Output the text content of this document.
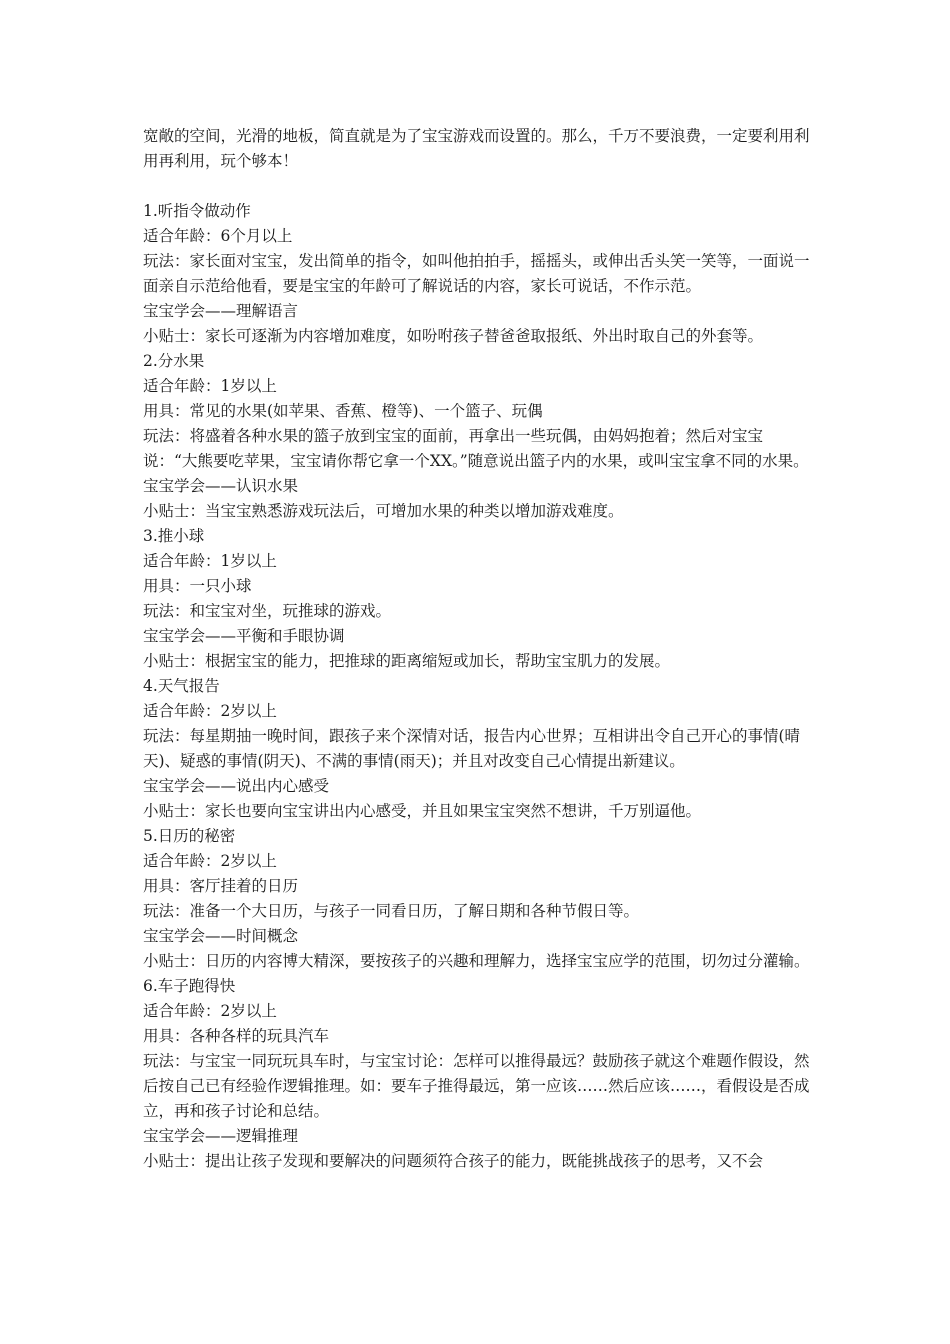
宽敞的空间，光滑的地板，简直就是为了宝宝游戏而设置的。那么，千万不要浪费，一定要利用利用再利用，玩个够本！

1.听指令做动作

适合年龄：6个月以上

玩法：家长面对宝宝，发出简单的指令，如叫他拍拍手，摇摇头，或伸出舌头笑一笑等，一面说一面亲自示范给他看，要是宝宝的年龄可了解说话的内容，家长可说话，不作示范。

宝宝学会——理解语言

小贴士：家长可逐渐为内容增加难度，如吩咐孩子替爸爸取报纸、外出时取自己的外套等。

2.分水果

适合年龄：1岁以上

用具：常见的水果(如苹果、香蕉、橙等)、一个篮子、玩偶

玩法：将盛着各种水果的篮子放到宝宝的面前，再拿出一些玩偶，由妈妈抱着；然后对宝宝说：“大熊要吃苹果，宝宝请你帮它拿一个XX。”随意说出篮子内的水果，或叫宝宝拿不同的水果。

宝宝学会——认识水果

小贴士：当宝宝熟悉游戏玩法后，可增加水果的种类以增加游戏难度。

3.推小球

适合年龄：1岁以上

用具：一只小球

玩法：和宝宝对坐，玩推球的游戏。

宝宝学会——平衡和手眼协调

小贴士：根据宝宝的能力，把推球的距离缩短或加长，帮助宝宝肌力的发展。

4.天气报告

适合年龄：2岁以上

玩法：每星期抽一晚时间，跟孩子来个深情对话，报告内心世界；互相讲出令自己开心的事情(晴天)、疑惑的事情(阴天)、不满的事情(雨天)；并且对改变自己心情提出新建议。

宝宝学会——说出内心感受

小贴士：家长也要向宝宝讲出内心感受，并且如果宝宝突然不想讲，千万别逼他。

5.日历的秘密

适合年龄：2岁以上

用具：客厅挂着的日历

玩法：准备一个大日历，与孩子一同看日历，了解日期和各种节假日等。

宝宝学会——时间概念

小贴士：日历的内容博大精深，要按孩子的兴趣和理解力，选择宝宝应学的范围，切勿过分灌输。

6.车子跑得快

适合年龄：2岁以上

用具：各种各样的玩具汽车

玩法：与宝宝一同玩玩具车时，与宝宝讨论：怎样可以推得最远？鼓励孩子就这个难题作假设，然后按自己已有经验作逻辑推理。如：要车子推得最远，第一应该……然后应该……，看假设是否成立，再和孩子讨论和总结。

宝宝学会——逻辑推理

小贴士：提出让孩子发现和要解决的问题须符合孩子的能力，既能挑战孩子的思考，又不会
